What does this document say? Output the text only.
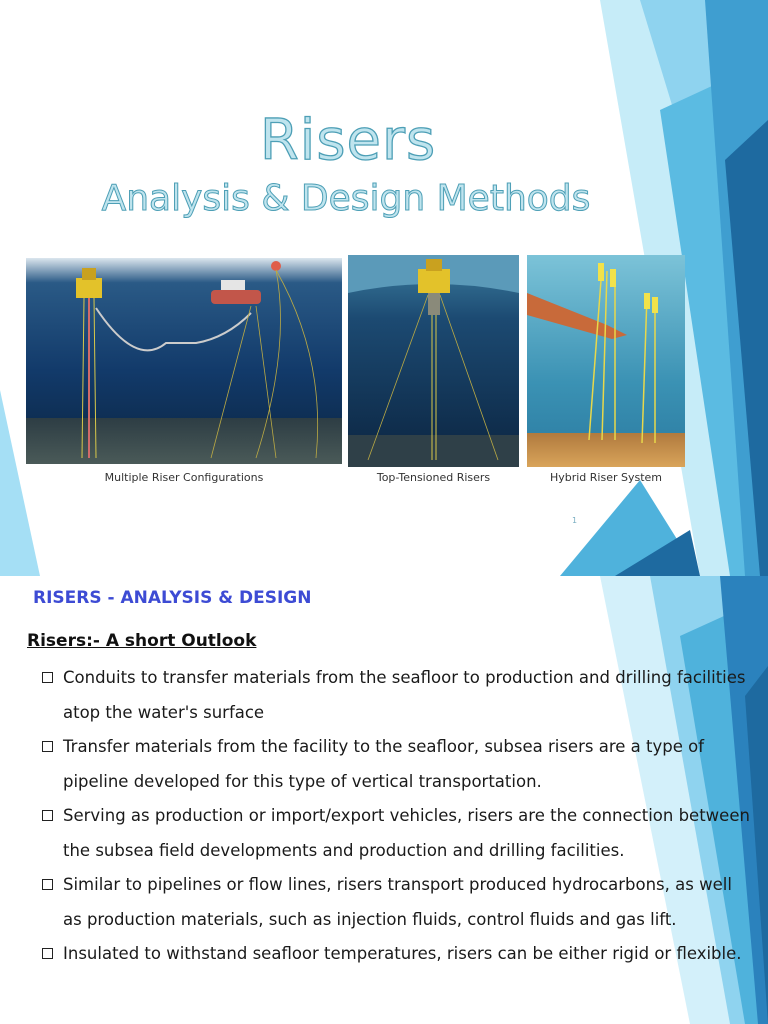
Risers
Analysis & Design Methods
Multiple Riser Configurations	Top-Tensioned Risers	Hybrid Riser System
1
RISERS - ANALYSIS & DESIGN
Risers:- A short Outlook
Conduits to transfer materials from the seafloor to production and drilling facilities atop the water's surface
Transfer materials from the facility to the seafloor, subsea risers are a type of pipeline developed for this type of vertical transportation.
Serving as production or import/export vehicles, risers are the connection between the subsea field developments and production and drilling facilities.
Similar to pipelines or flow lines, risers transport produced hydrocarbons, as well as production materials, such as injection fluids, control fluids and gas lift.
Insulated to withstand seafloor temperatures, risers can be either rigid or flexible.
